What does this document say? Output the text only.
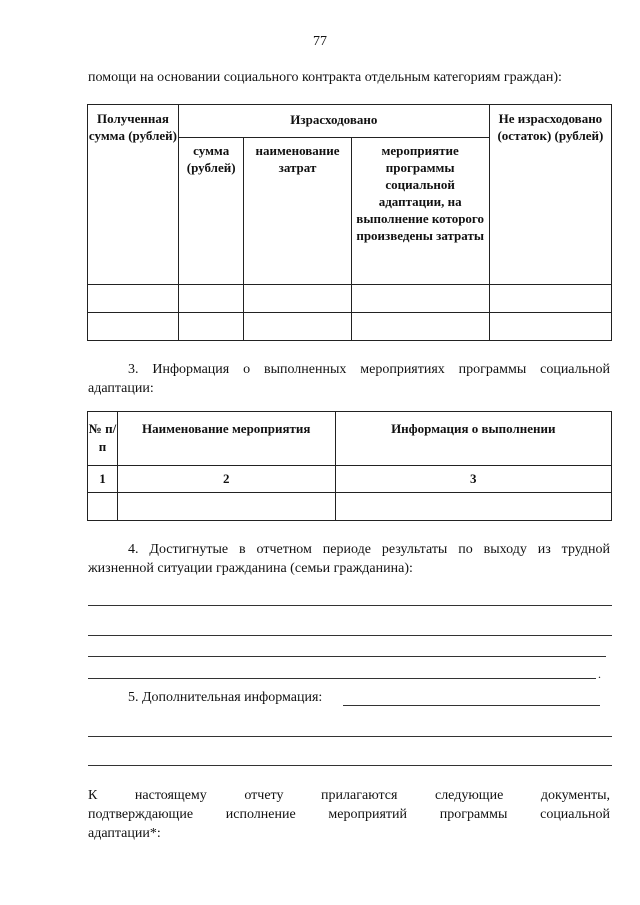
77
помощи на основании социального контракта отдельным категориям граждан):
Полученная сумма (рублей)	Израсходовано			Не израсходовано (остаток) (рублей)
	сумма (рублей)	наименование затрат	мероприятие программы социальной адаптации, на выполнение которого произведены затраты	

3. Информация о выполненных мероприятиях программы социальной адаптации:
№ п/п	Наименование мероприятия	Информация о выполнении
1	2	3

4. Достигнутые в отчетном периоде результаты по выходу из трудной жизненной ситуации гражданина (семьи гражданина):
.
5. Дополнительная информация:
К настоящему отчету прилагаются следующие документы,
подтверждающие исполнение мероприятий программы социальной
адаптации*:
